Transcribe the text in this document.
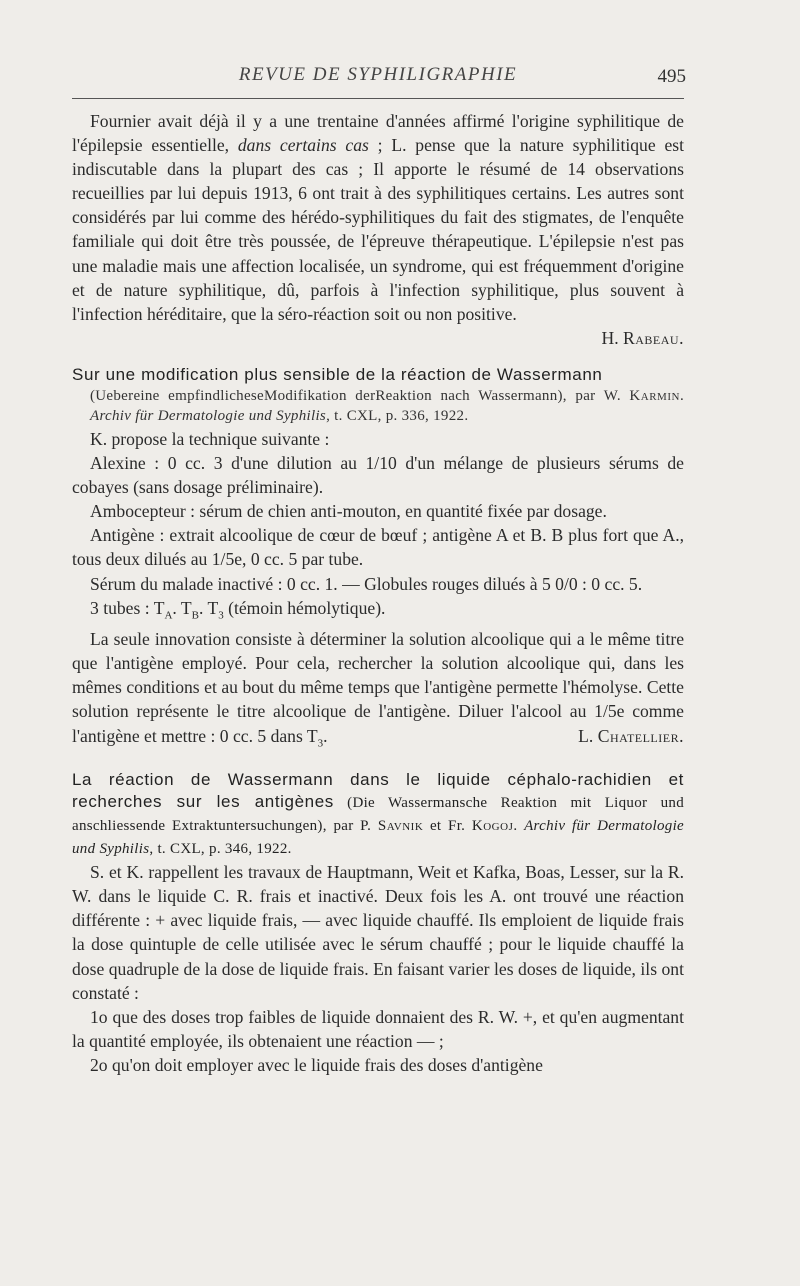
REVUE DE SYPHILIGRAPHIE	495

Fournier avait déjà il y a une trentaine d'années affirmé l'origine syphilitique de l'épilepsie essentielle, dans certains cas ; L. pense que la nature syphilitique est indiscutable dans la plupart des cas ; Il apporte le résumé de 14 observations recueillies par lui depuis 1913, 6 ont trait à des syphilitiques certains. Les autres sont considérés par lui comme des hérédo-syphilitiques du fait des stigmates, de l'enquête familiale qui doit être très poussée, de l'épreuve thérapeutique. L'épilepsie n'est pas une maladie mais une affection localisée, un syndrome, qui est fréquemment d'origine et de nature syphilitique, dû, parfois à l'infection syphilitique, plus souvent à l'infection héréditaire, que la séro-réaction soit ou non positive.

H. Rabeau.

Sur une modification plus sensible de la réaction de Wassermann

(Uebereine empfindlicheseModifikation derReaktion nach Wassermann), par W. Karmin. Archiv für Dermatologie und Syphilis, t. CXL, p. 336, 1922.

K. propose la technique suivante :

Alexine : 0 cc. 3 d'une dilution au 1/10 d'un mélange de plusieurs sérums de cobayes (sans dosage préliminaire).

Ambocepteur : sérum de chien anti-mouton, en quantité fixée par dosage.

Antigène : extrait alcoolique de cœur de bœuf ; antigène A et B. B plus fort que A., tous deux dilués au 1/5e, 0 cc. 5 par tube.

Sérum du malade inactivé : 0 cc. 1. — Globules rouges dilués à 5 0/0 : 0 cc. 5.

3 tubes : $T_A$. $T_B$. $T_3$ (témoin hémolytique).

La seule innovation consiste à déterminer la solution alcoolique qui a le même titre que l'antigène employé. Pour cela, rechercher la solution alcoolique qui, dans les mêmes conditions et au bout du même temps que l'antigène permette l'hémolyse. Cette solution représente le titre alcoolique de l'antigène. Diluer l'alcool au 1/5e comme l'antigène et mettre : 0 cc. 5 dans $T_3$.	L. Chatellier.

La réaction de Wassermann dans le liquide céphalo-rachidien et recherches sur les antigènes (Die Wassermansche Reaktion mit Liquor und anschliessende Extraktuntersuchungen), par P. Savnik et Fr. Kogoj. Archiv für Dermatologie und Syphilis, t. CXL, p. 346, 1922.

S. et K. rappellent les travaux de Hauptmann, Weit et Kafka, Boas, Lesser, sur la R. W. dans le liquide C. R. frais et inactivé. Deux fois les A. ont trouvé une réaction différente : + avec liquide frais, — avec liquide chauffé. Ils emploient de liquide frais la dose quintuple de celle utilisée avec le sérum chauffé ; pour le liquide chauffé la dose quadruple de la dose de liquide frais. En faisant varier les doses de liquide, ils ont constaté :

1o que des doses trop faibles de liquide donnaient des R. W. +, et qu'en augmentant la quantité employée, ils obtenaient une réaction — ;

2o qu'on doit employer avec le liquide frais des doses d'antigène
